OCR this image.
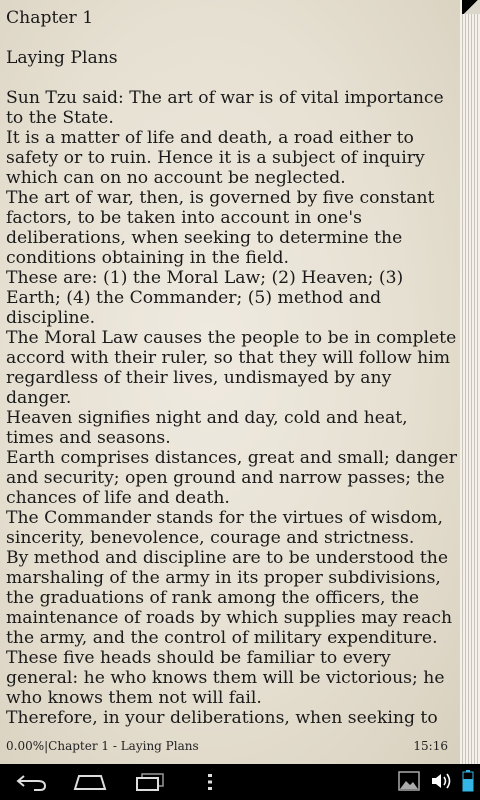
Chapter 1

Laying Plans

Sun Tzu said: The art of war is of vital importance to the State.

It is a matter of life and death, a road either to safety or to ruin. Hence it is a subject of inquiry which can on no account be neglected.

The art of war, then, is governed by five constant factors, to be taken into account in one's deliberations, when seeking to determine the conditions obtaining in the field.

These are: (1) the Moral Law; (2) Heaven; (3) Earth; (4) the Commander; (5) method and discipline.

The Moral Law causes the people to be in complete accord with their ruler, so that they will follow him regardless of their lives, undismayed by any danger.

Heaven signifies night and day, cold and heat, times and seasons.

Earth comprises distances, great and small; danger and security; open ground and narrow passes; the chances of life and death.

The Commander stands for the virtues of wisdom, sincerity, benevolence, courage and strictness.

By method and discipline are to be understood the marshaling of the army in its proper subdivisions, the graduations of rank among the officers, the maintenance of roads by which supplies may reach the army, and the control of military expenditure.

These five heads should be familiar to every general: he who knows them will be victorious; he who knows them not will fail.

Therefore, in your deliberations, when seeking to

0.00%|Chapter 1 - Laying Plans	15:16
